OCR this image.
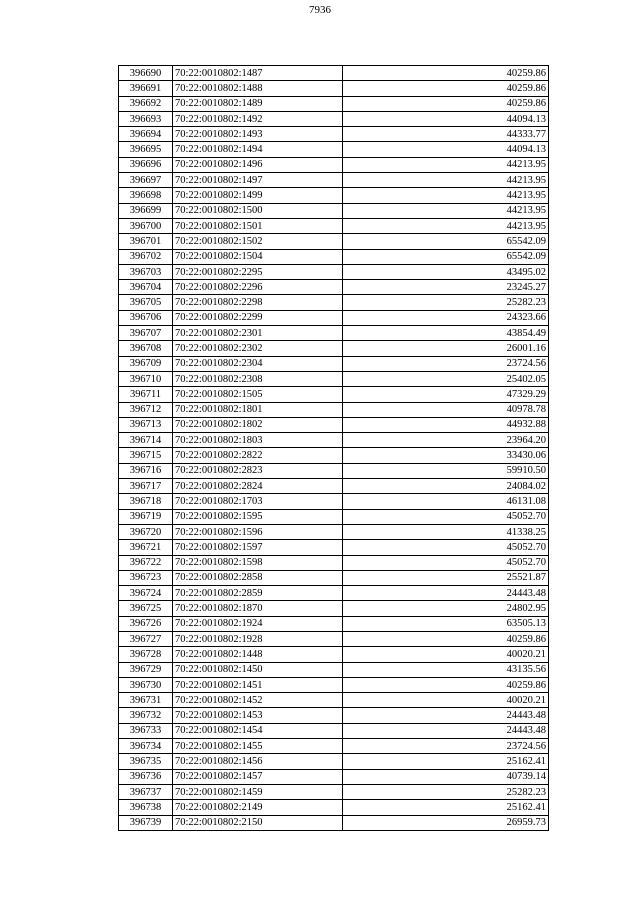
7936
396690	70:22:0010802:1487	40259.86
396691	70:22:0010802:1488	40259.86
396692	70:22:0010802:1489	40259.86
396693	70:22:0010802:1492	44094.13
396694	70:22:0010802:1493	44333.77
396695	70:22:0010802:1494	44094.13
396696	70:22:0010802:1496	44213.95
396697	70:22:0010802:1497	44213.95
396698	70:22:0010802:1499	44213.95
396699	70:22:0010802:1500	44213.95
396700	70:22:0010802:1501	44213.95
396701	70:22:0010802:1502	65542.09
396702	70:22:0010802:1504	65542.09
396703	70:22:0010802:2295	43495.02
396704	70:22:0010802:2296	23245.27
396705	70:22:0010802:2298	25282.23
396706	70:22:0010802:2299	24323.66
396707	70:22:0010802:2301	43854.49
396708	70:22:0010802:2302	26001.16
396709	70:22:0010802:2304	23724.56
396710	70:22:0010802:2308	25402.05
396711	70:22:0010802:1505	47329.29
396712	70:22:0010802:1801	40978.78
396713	70:22:0010802:1802	44932.88
396714	70:22:0010802:1803	23964.20
396715	70:22:0010802:2822	33430.06
396716	70:22:0010802:2823	59910.50
396717	70:22:0010802:2824	24084.02
396718	70:22:0010802:1703	46131.08
396719	70:22:0010802:1595	45052.70
396720	70:22:0010802:1596	41338.25
396721	70:22:0010802:1597	45052.70
396722	70:22:0010802:1598	45052.70
396723	70:22:0010802:2858	25521.87
396724	70:22:0010802:2859	24443.48
396725	70:22:0010802:1870	24802.95
396726	70:22:0010802:1924	63505.13
396727	70:22:0010802:1928	40259.86
396728	70:22:0010802:1448	40020.21
396729	70:22:0010802:1450	43135.56
396730	70:22:0010802:1451	40259.86
396731	70:22:0010802:1452	40020.21
396732	70:22:0010802:1453	24443.48
396733	70:22:0010802:1454	24443.48
396734	70:22:0010802:1455	23724.56
396735	70:22:0010802:1456	25162.41
396736	70:22:0010802:1457	40739.14
396737	70:22:0010802:1459	25282.23
396738	70:22:0010802:2149	25162.41
396739	70:22:0010802:2150	26959.73
